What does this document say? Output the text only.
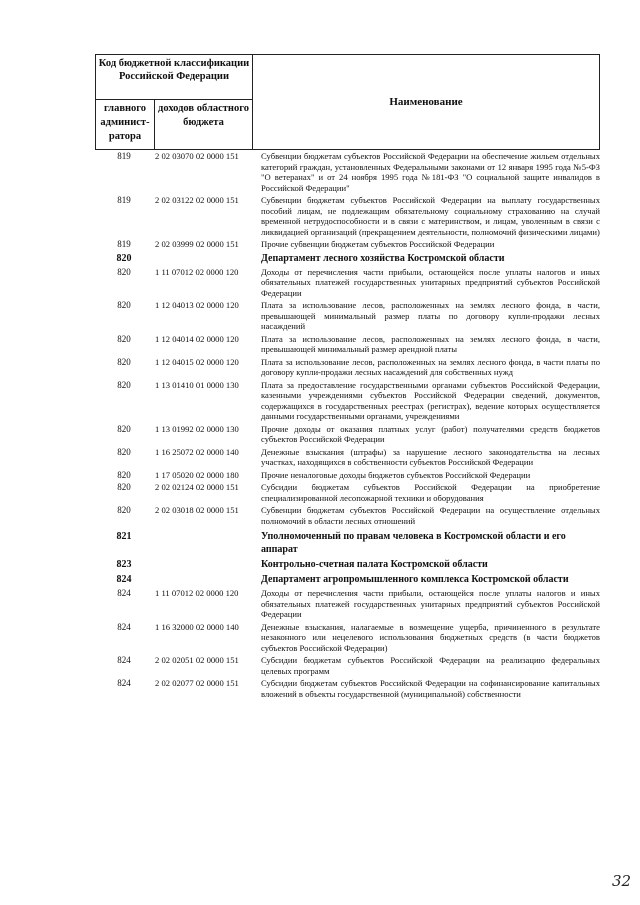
Код бюджетной классификации Российской Федерации
главного админист-ратора
доходов областного бюджета
Наименование
819	2 02 03070 02 0000 151	Субвенции бюджетам субъектов Российской Федерации на обеспечение жильем отдельных категорий граждан, установленных Федеральными законами от 12 января 1995 года №5-ФЗ "О ветеранах" и от 24 ноября 1995 года №181-ФЗ "О социальной защите инвалидов в Российской Федерации"
819	2 02 03122 02 0000 151	Субвенции бюджетам субъектов Российской Федерации на выплату государственных пособий лицам, не подлежащим обязательному социальному страхованию на случай временной нетрудоспособности и в связи с материнством, и лицам, уволенным в связи с ликвидацией организаций (прекращением деятельности, полномочий физическими лицами)
819	2 02 03999 02 0000 151	Прочие субвенции бюджетам субъектов Российской Федерации
820	Департамент лесного хозяйства Костромской области
820	1 11 07012 02 0000 120	Доходы от перечисления части прибыли, остающейся после уплаты налогов и иных обязательных платежей государственных унитарных предприятий субъектов Российской Федерации
820	1 12 04013 02 0000 120	Плата за использование лесов, расположенных на землях лесного фонда, в части, превышающей минимальный размер платы по договору купли-продажи лесных насаждений
820	1 12 04014 02 0000 120	Плата за использование лесов, расположенных на землях лесного фонда, в части, превышающей минимальный размер арендной платы
820	1 12 04015 02 0000 120	Плата за использование лесов, расположенных на землях лесного фонда, в части платы по договору купли-продажи лесных насаждений для собственных нужд
820	1 13 01410 01 0000 130	Плата за предоставление государственными органами субъектов Российской Федерации, казенными учреждениями субъектов Российской Федерации сведений, документов, содержащихся в государственных реестрах (регистрах), ведение которых осуществляется данными государственными органами, учреждениями
820	1 13 01992 02 0000 130	Прочие доходы от оказания платных услуг (работ) получателями средств бюджетов субъектов Российской Федерации
820	1 16 25072 02 0000 140	Денежные взыскания (штрафы) за нарушение лесного законодательства на лесных участках, находящихся в собственности субъектов Российской Федерации
820	1 17 05020 02 0000 180	Прочие неналоговые доходы бюджетов субъектов Российской Федерации
820	2 02 02124 02 0000 151	Субсидии бюджетам субъектов Российской Федерации на приобретение специализированной лесопожарной техники и оборудования
820	2 02 03018 02 0000 151	Субвенции бюджетам субъектов Российской Федерации на осуществление отдельных полномочий в области лесных отношений
821	Уполномоченный по правам человека в Костромской области и его аппарат
823	Контрольно-счетная палата Костромской области
824	Департамент агропромышленного комплекса Костромской области
824	1 11 07012 02 0000 120	Доходы от перечисления части прибыли, остающейся после уплаты налогов и иных обязательных платежей государственных унитарных предприятий субъектов Российской Федерации
824	1 16 32000 02 0000 140	Денежные взыскания, налагаемые в возмещение ущерба, причиненного в результате незаконного или нецелевого использования бюджетных средств (в части бюджетов субъектов Российской Федерации)
824	2 02 02051 02 0000 151	Субсидии бюджетам субъектов Российской Федерации на реализацию федеральных целевых программ
824	2 02 02077 02 0000 151	Субсидии бюджетам субъектов Российской Федерации на софинансирование капитальных вложений в объекты государственной (муниципальной) собственности
32
